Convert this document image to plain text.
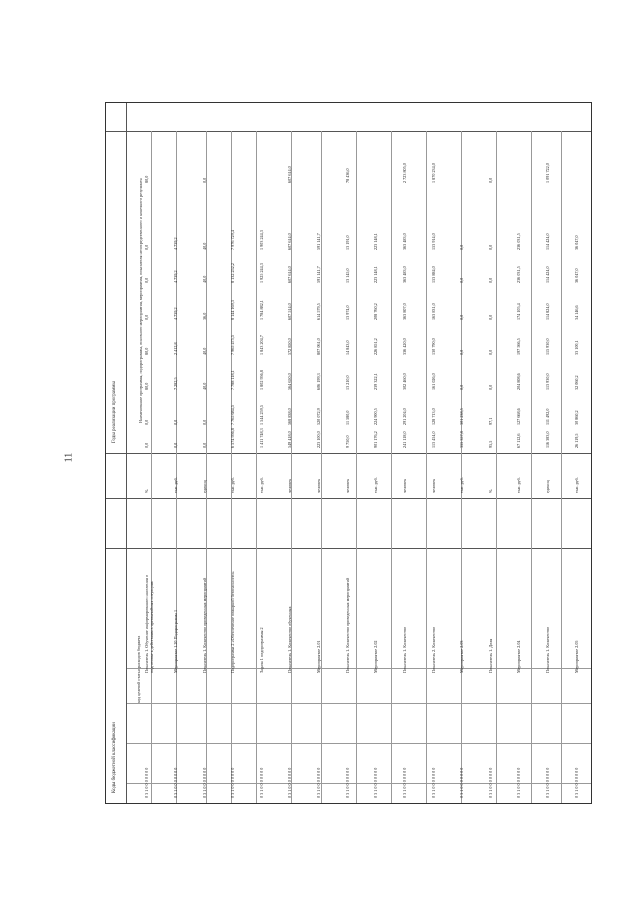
11
Годы реализации программы
Коды бюджетной классификации
Наименование программы, подпрограммы, основного мероприятия, мероприятия, показателя непосредственного и конечного результата
код целевой статьи расходов бюджета Показатель 1. Обучение информированию населения о подготовке к действиям в чрезвычайных ситуациях
%
0,0
0,0
80,0
80,0
0,0
0,0
0,0
80,0
0 3 1 0 0 0 0 0 0 0
Мероприятие 1.20 Подпрограмма 1
тыс. руб.
0,0
0,0
7 282,5
2 412,8
4 739,2
4 739,2
4 739,2
0 3 1 0 0 0 0 0 0 0
Показатель 1. Количество проведенных мероприятий
единиц
0,0
0,0
40,0
40,0
36,0
40,0
40,0
0,0
0 3 1 0 0 0 0 0 0 0
Подпрограмма 2 «Обеспечение пожарной безопасности»
тыс. руб.
6 574 956,8
7 765 684,5
7 788 118,1
7 965 475,5
8 144 169,3
8 132 252,2
7 976 729,4
0 3 1 0 0 0 0 0 0 0
Задача 1 подпрограммы 2
тыс. руб.
1 411 748,3
1 544 259,5
1 802 956,8
1 843 204,7
1 784 882,1
1 925 244,3
1 903 244,3
0 3 1 0 0 0 0 0 0 0
Показатель 1. Количество обученных
человек
549 418,0
568 838,0
564 650,0
572 850,0
607 514,0
607 614,0
607 614,0
607 614,0
0 3 1 0 0 0 0 0 0 0
Мероприятие 2.01
человек
223 100,0
520 072,9
606 199,3
807 061,0
614 579,5
591 141,7
591 141,7
0 3 1 0 0 0 0 0 0 0
Показатель 1. Количество проведенных мероприятий
человек
9 750,0
11 580,0
13 210,0
14 843,0
13 974,0
13 145,0
13 191,0
78 436,0
0 3 1 0 0 0 0 0 0 0
Мероприятие 2.02
тыс. руб.
901 176,2
224 900,5
239 322,1
226 851,2
208 760,2
223 148,1
223 148,1
0 3 1 0 0 0 0 0 0 0
Показатель 1. Количество
человек
241 118,0
291 204,0
302 460,0
336 420,0
363 807,0
363 483,0
363 483,0
2 723 805,0
0 3 1 0 0 0 0 0 0 0
Показатель 2. Количество
человек
113 454,0
128 713,0
161 026,0
130 790,0
163 831,0
153 884,0
153 914,0
1 870 234,0
0 3 1 0 0 0 0 0 0 0
Мероприятие 2.03
тыс. руб.
355 357,8
301 238,5
0,0
0,0
0,0
0,0
0,0
0 3 1 0 0 0 0 0 0 0
Показатель 1. Доля
%
95,5
97,1
0,0
0,0
0,0
0,0
0,0
0,0
0 3 1 0 0 0 0 0 0 0
Мероприятие 2.04
тыс. руб.
67 112,6
127 668,6
204 808,6
197 566,5
174 105,4
236 031,5
236 031,5
0 3 1 0 0 0 0 0 0 0
Показатель 1. Количество
единиц
116 383,0
111 492,0
113 930,0
115 930,0
114 824,0
114 424,0
114 424,0
1 091 722,0
0 3 1 0 0 0 0 0 0 0
Мероприятие 2.05
тыс. руб.
26 119,5
30 860,2
32 060,2
33 100,1
34 146,6
36 047,0
36 047,0
0 3 1 0 0 0 0 0 0 0
